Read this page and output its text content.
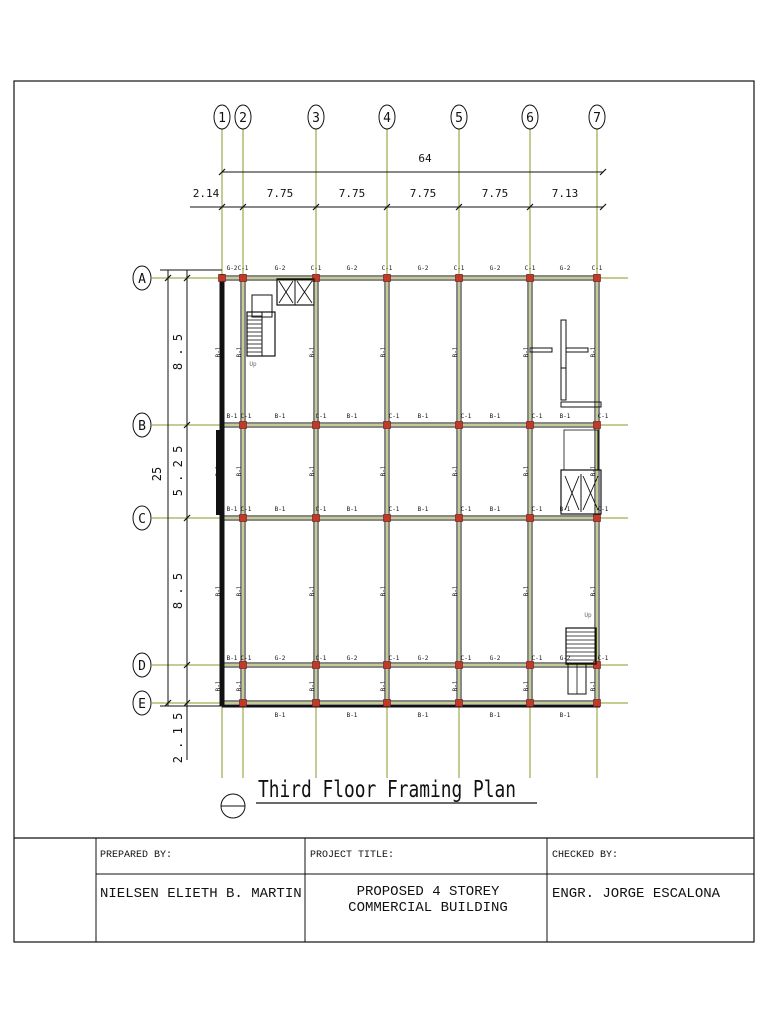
Third Floor Framing Plan
1 2	3	4	5	6	7
A
B
C
D
E
64
2.14	7.75	7.75	7.75	7.75	7.13
25
8 . 5
5 . 2 5
8 . 5
2 . 1 5
G-2 C-1	G-2	C-1	G-2	C-1	G-2	C-1	G-2	C-1	G-2	C-1
B-1 C-1	B-1	C-1	B-1	C-1	B-1	C-1	B-1	C-1	B-1	C-1
B-1 C-1	B-1	C-1	B-1	C-1	B-1	C-1	B-1	C-1	B-1	C-1
B-1 C-1	G-2	C-1	G-2	C-1	G-2	C-1	G-2	C-1	G-2	C-1
B-1	B-1	B-1	B-1	B-1
B-1
B-1
B-1
B-1
B-1
B-1
B-1
B-1
B-1
B-1
B-1
B-1
B-1
B-1
B-1
B-1
B-1
B-1
B-1
B-1
B-1
B-1
B-1
B-1
B-1
B-1
B-1
B-1
Up
Up
PREPARED BY:
NIELSEN ELIETH B. MARTIN
PROJECT TITLE:
PROPOSED 4 STOREY COMMERCIAL BUILDING
CHECKED BY:
ENGR. JORGE ESCALONA
